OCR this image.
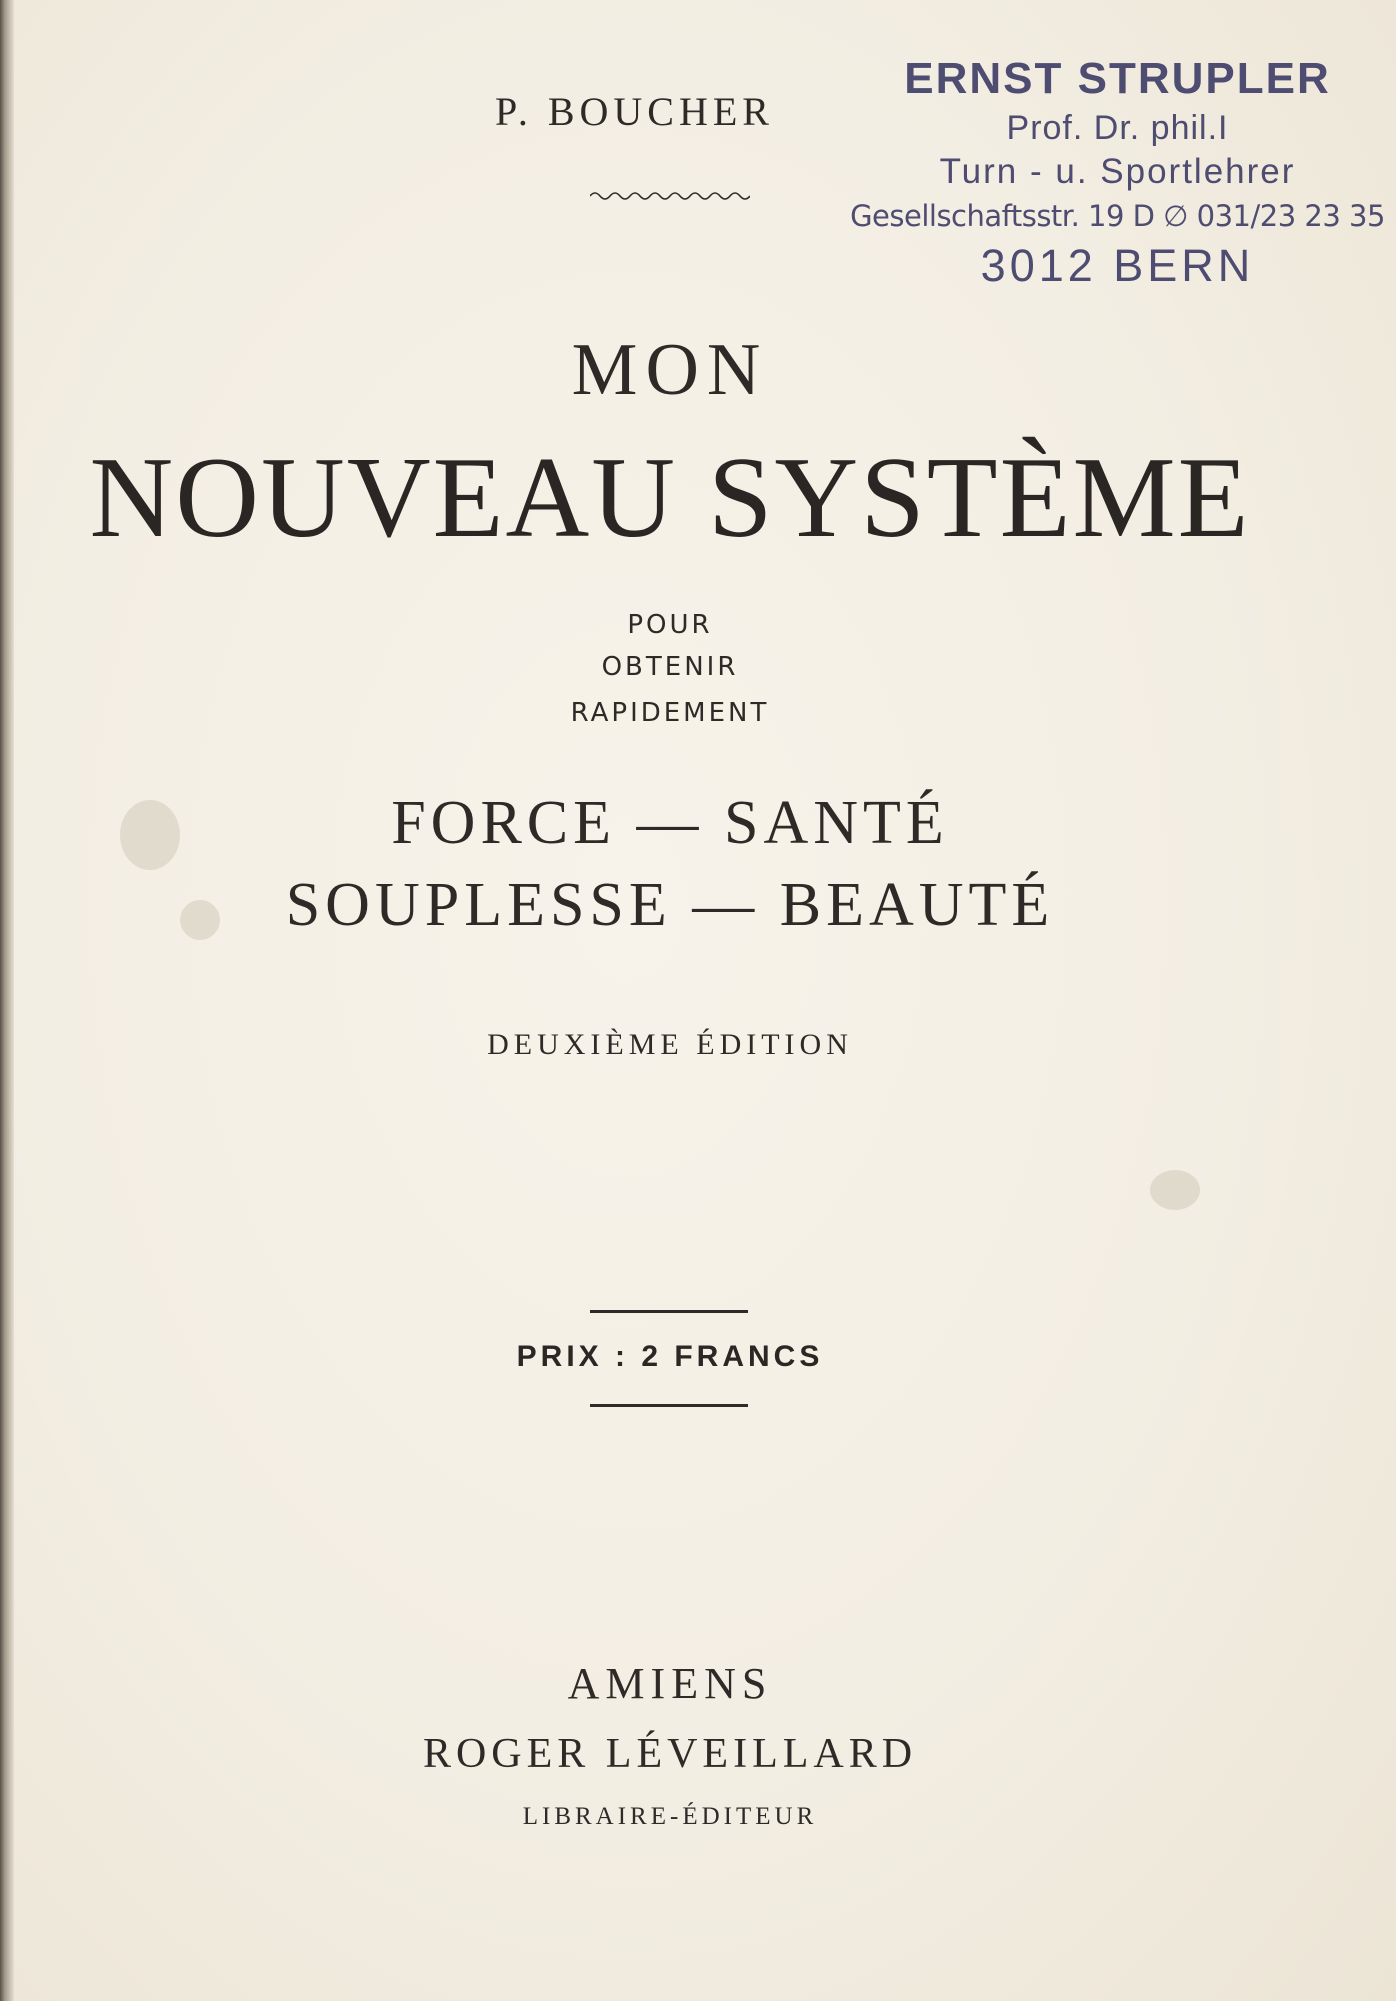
P. BOUCHER
ERNST STRUPLER
Prof. Dr. phil.I
Turn - u. Sportlehrer
Gesellschaftsstr. 19 D ∅ 031/23 23 35
3012 BERN
MON
NOUVEAU SYSTÈME
POUR
OBTENIR
RAPIDEMENT
FORCE — SANTÉ
SOUPLESSE — BEAUTÉ
DEUXIÈME ÉDITION
PRIX : 2 FRANCS
AMIENS
ROGER LÉVEILLARD
LIBRAIRE-ÉDITEUR
